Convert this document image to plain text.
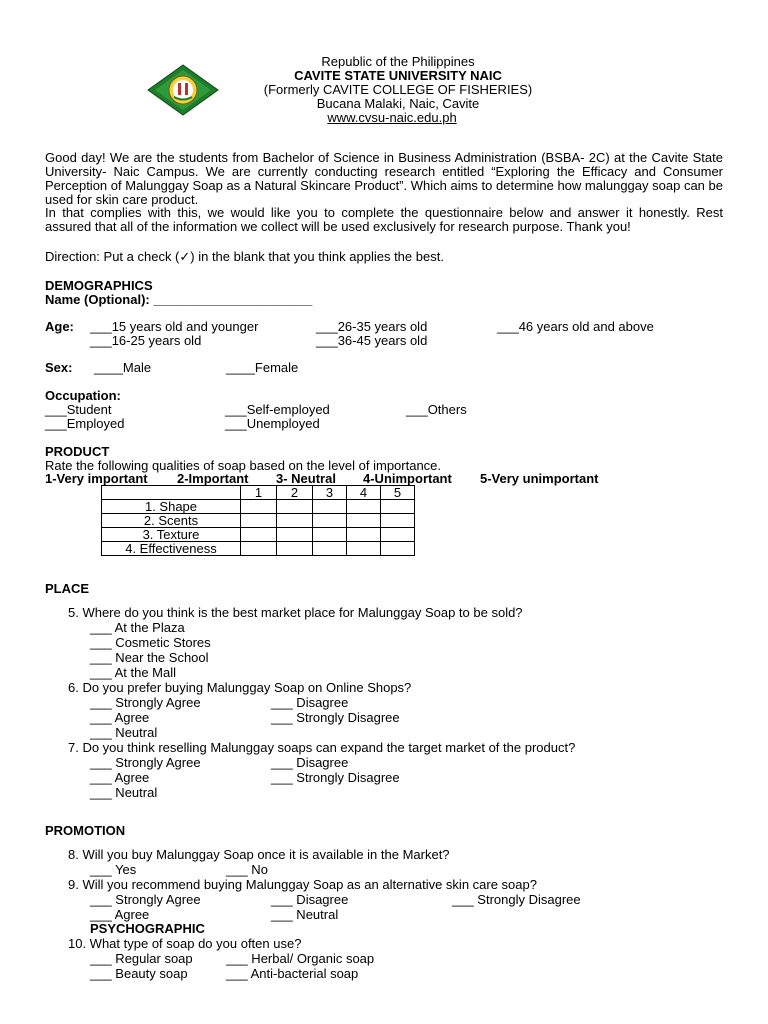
Republic of the Philippines
CAVITE STATE UNIVERSITY NAIC
(Formerly CAVITE COLLEGE OF FISHERIES)
Bucana Malaki, Naic, Cavite
www.cvsu-naic.edu.ph
Good day! We are the students from Bachelor of Science in Business Administration (BSBA- 2C) at the Cavite State University- Naic Campus. We are currently conducting research entitled “Exploring the Efficacy and Consumer Perception of Malunggay Soap as a Natural Skincare Product”. Which aims to determine how malunggay soap can be used for skin care product.
In that complies with this, we would like you to complete the questionnaire below and answer it honestly. Rest assured that all of the information we collect will be used exclusively for research purpose. Thank you!
Direction: Put a check (✓) in the blank that you think applies the best.
DEMOGRAPHICS
Name (Optional): ______________________
Age: ___15 years old and younger
___16-25 years old
___26-35 years old
___36-45 years old
___46 years old and above
Sex: ____Male	____Female
Occupation:
___Student
___Employed
___Self-employed
___Unemployed
___Others
PRODUCT
Rate the following qualities of soap based on the level of importance.
1-Very important 2-Important 3- Neutral 4-Unimportant 5-Very unimportant
	1	2	3	4	5
1. Shape					
2. Scents					
3. Texture					
4. Effectiveness					
PLACE
5. Where do you think is the best market place for Malunggay Soap to be sold?
___ At the Plaza
___ Cosmetic Stores
___ Near the School
___ At the Mall
6. Do you prefer buying Malunggay Soap on Online Shops?
___ Strongly Agree
___ Agree
___ Neutral
___ Disagree
___ Strongly Disagree
7. Do you think reselling Malunggay soaps can expand the target market of the product?
___ Strongly Agree
___ Agree
___ Neutral
___ Disagree
___ Strongly Disagree
PROMOTION
8. Will you buy Malunggay Soap once it is available in the Market?
___ Yes	___ No
9. Will you recommend buying Malunggay Soap as an alternative skin care soap?
___ Strongly Agree
___ Agree
___ Disagree
___ Neutral
___ Strongly Disagree
PSYCHOGRAPHIC
10. What type of soap do you often use?
___ Regular soap
___ Beauty soap
___ Herbal/ Organic soap
___ Anti-bacterial soap
